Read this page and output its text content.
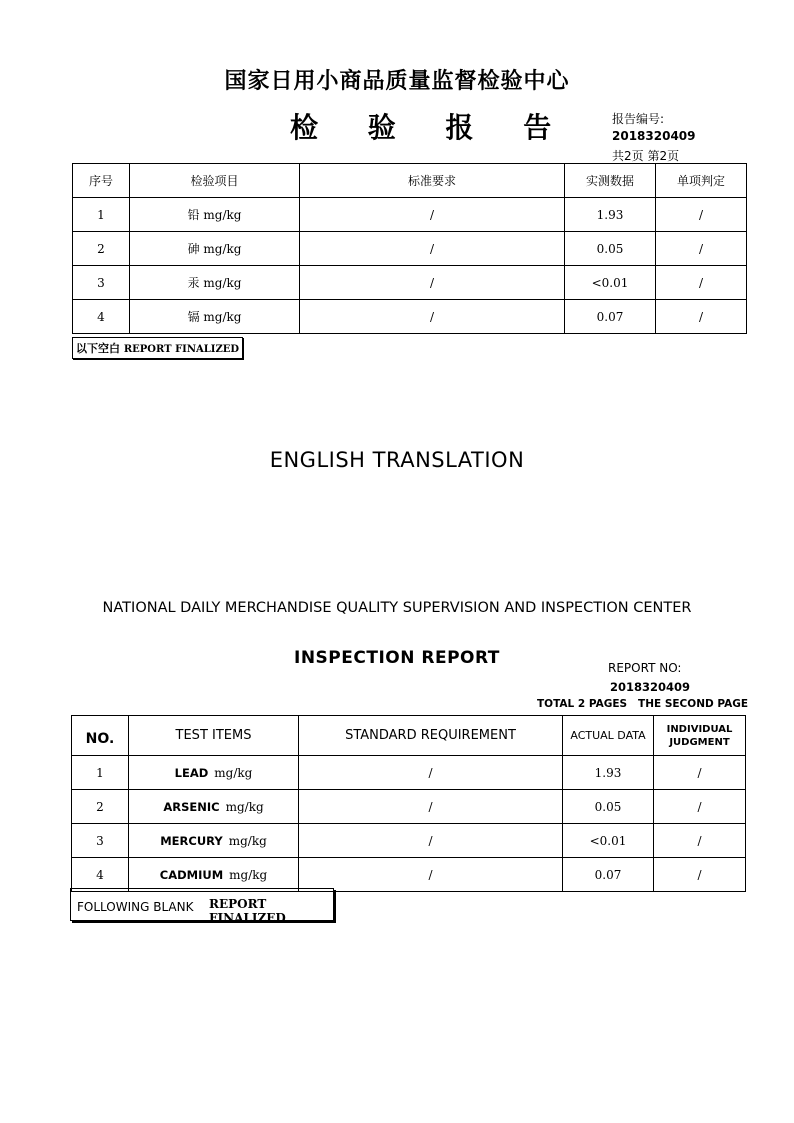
国家日用小商品质量监督检验中心
检 验 报 告	报告编号:
2018320409
共2页 第2页
序号	检验项目	标准要求	实测数据	单项判定
1	铅 mg/kg	/	1.93	/
2	砷 mg/kg	/	0.05	/
3	汞 mg/kg	/	<0.01	/
4	镉 mg/kg	/	0.07	/
以下空白 REPORT FINALIZED
ENGLISH TRANSLATION
NATIONAL DAILY MERCHANDISE QUALITY SUPERVISION AND INSPECTION CENTER
INSPECTION REPORT	REPORT NO:
2018320409
TOTAL 2 PAGES   THE SECOND PAGE
NO.	TEST ITEMS	STANDARD REQUIREMENT	ACTUAL DATA	INDIVIDUAL
JUDGMENT

1	LEAD mg/kg	/	1.93	/
2	ARSENIC mg/kg	/	0.05	/
3	MERCURY mg/kg	/	<0.01	/
4	CADMIUM mg/kg	/	0.07	/
FOLLOWING BLANK REPORT FINALIZED
